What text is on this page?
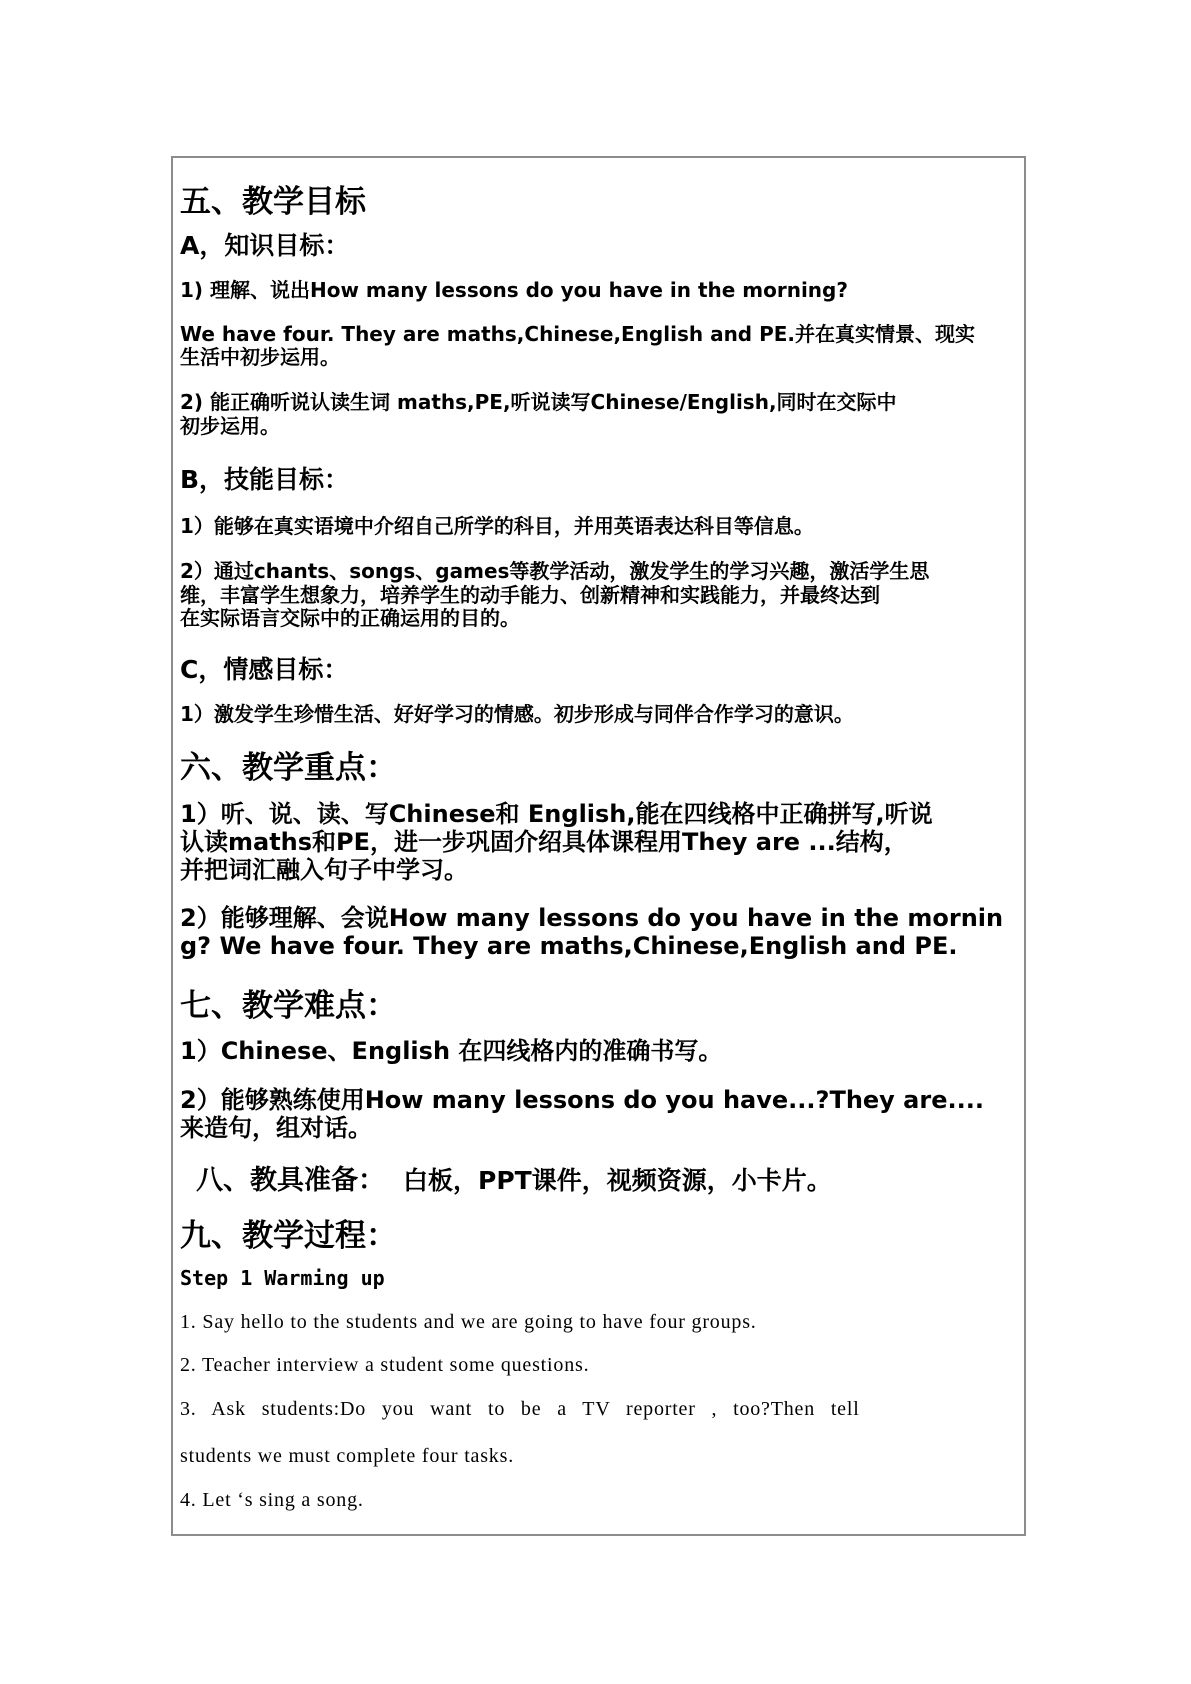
五、教学目标
A，知识目标：
1) 理解、说出How many lessons do you have in the morning?
We have four. They are maths,Chinese,English and PE.并在真实情景、现实
生活中初步运用。
2) 能正确听说认读生词 maths,PE,听说读写Chinese/English,同时在交际中
初步运用。
B，技能目标：
1）能够在真实语境中介绍自己所学的科目，并用英语表达科目等信息。
2）通过chants、songs、games等教学活动，激发学生的学习兴趣，激活学生思
维，丰富学生想象力，培养学生的动手能力、创新精神和实践能力，并最终达到
在实际语言交际中的正确运用的目的。
C，情感目标：
1）激发学生珍惜生活、好好学习的情感。初步形成与同伴合作学习的意识。
六、教学重点：
1）听、说、读、写Chinese和 English,能在四线格中正确拼写,听说
认读maths和PE，进一步巩固介绍具体课程用They are ...结构，
并把词汇融入句子中学习。
2）能够理解、会说How many lessons do you have in the mornin
g? We have four. They are maths,Chinese,English and PE.
七、教学难点：
1）Chinese、English 在四线格内的准确书写。
2）能够熟练使用How many lessons do you have...?They are....
来造句，组对话。
八、教具准备： 白板，PPT课件，视频资源，小卡片。
九、教学过程：
Step 1 Warming up
1. Say hello to the students and we are going to have four groups.
2. Teacher interview a student some questions.
3. Ask students:Do you want to be a TV reporter , too?Then tell
students we must complete four tasks.
4. Let ‘s sing a song.
